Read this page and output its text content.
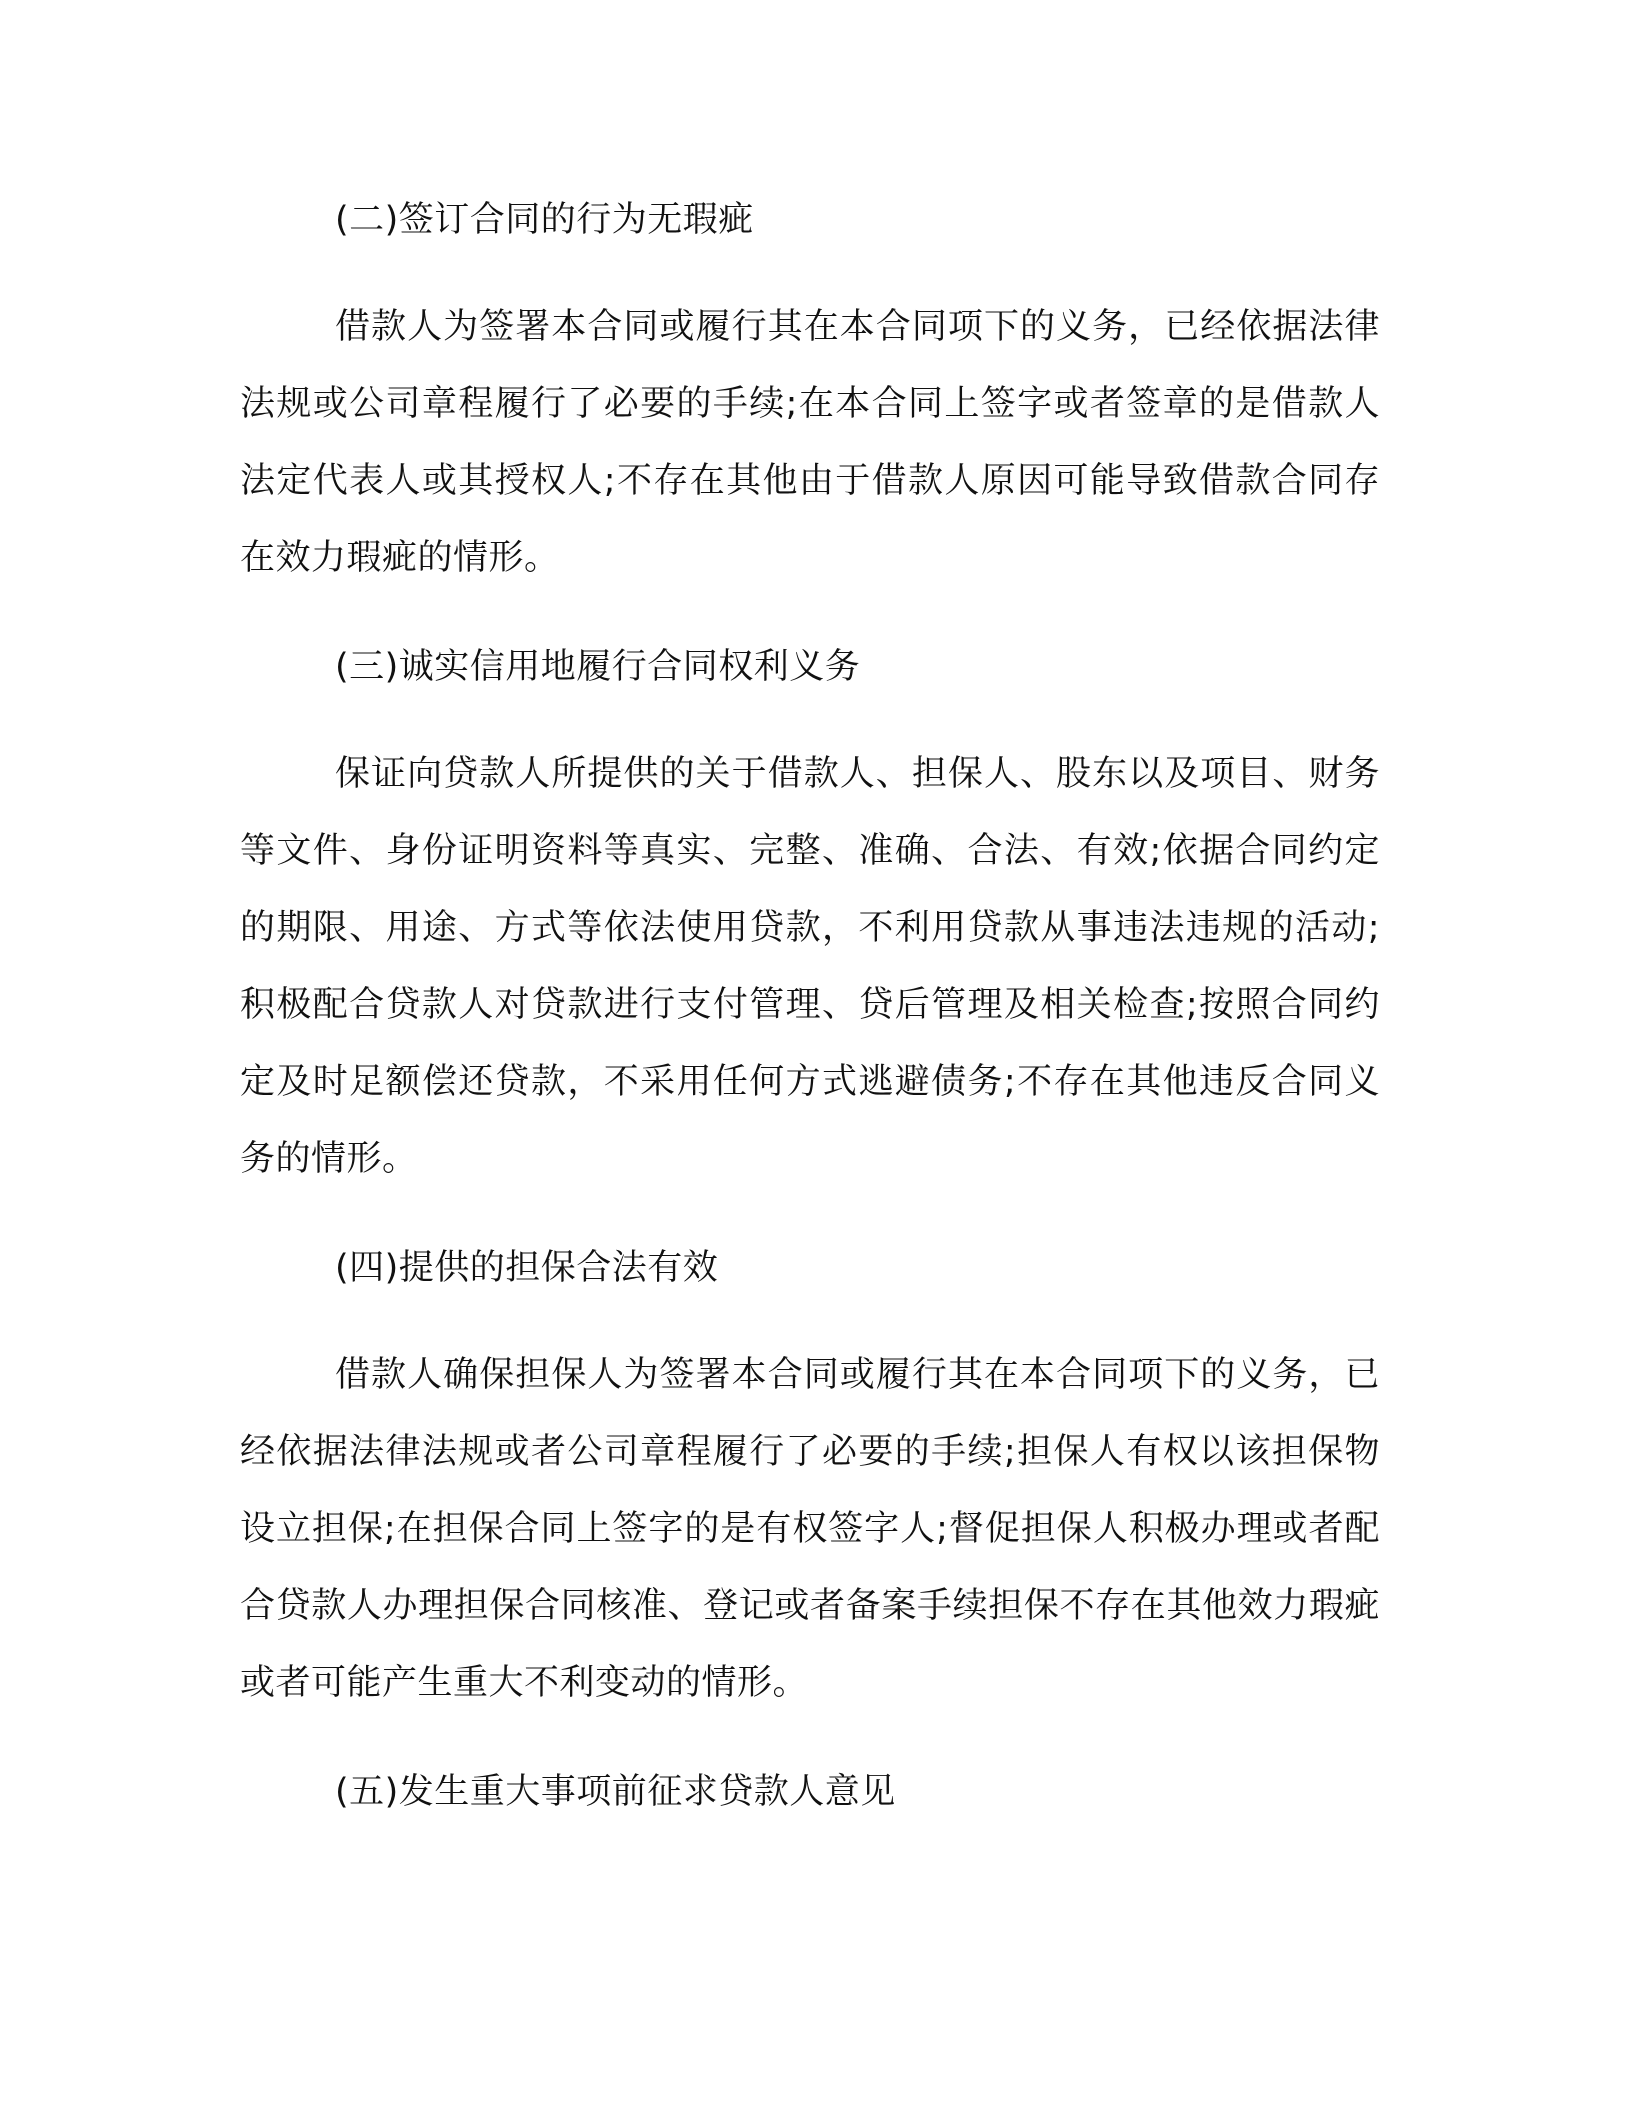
(二)签订合同的行为无瑕疵
借款人为签署本合同或履行其在本合同项下的义务，已经依据法律法规或公司章程履行了必要的手续;在本合同上签字或者签章的是借款人法定代表人或其授权人;不存在其他由于借款人原因可能导致借款合同存在效力瑕疵的情形。
(三)诚实信用地履行合同权利义务
保证向贷款人所提供的关于借款人、担保人、股东以及项目、财务等文件、身份证明资料等真实、完整、准确、合法、有效;依据合同约定的期限、用途、方式等依法使用贷款，不利用贷款从事违法违规的活动;积极配合贷款人对贷款进行支付管理、贷后管理及相关检查;按照合同约定及时足额偿还贷款，不采用任何方式逃避债务;不存在其他违反合同义务的情形。
(四)提供的担保合法有效
借款人确保担保人为签署本合同或履行其在本合同项下的义务，已经依据法律法规或者公司章程履行了必要的手续;担保人有权以该担保物设立担保;在担保合同上签字的是有权签字人;督促担保人积极办理或者配合贷款人办理担保合同核准、登记或者备案手续担保不存在其他效力瑕疵或者可能产生重大不利变动的情形。
(五)发生重大事项前征求贷款人意见
